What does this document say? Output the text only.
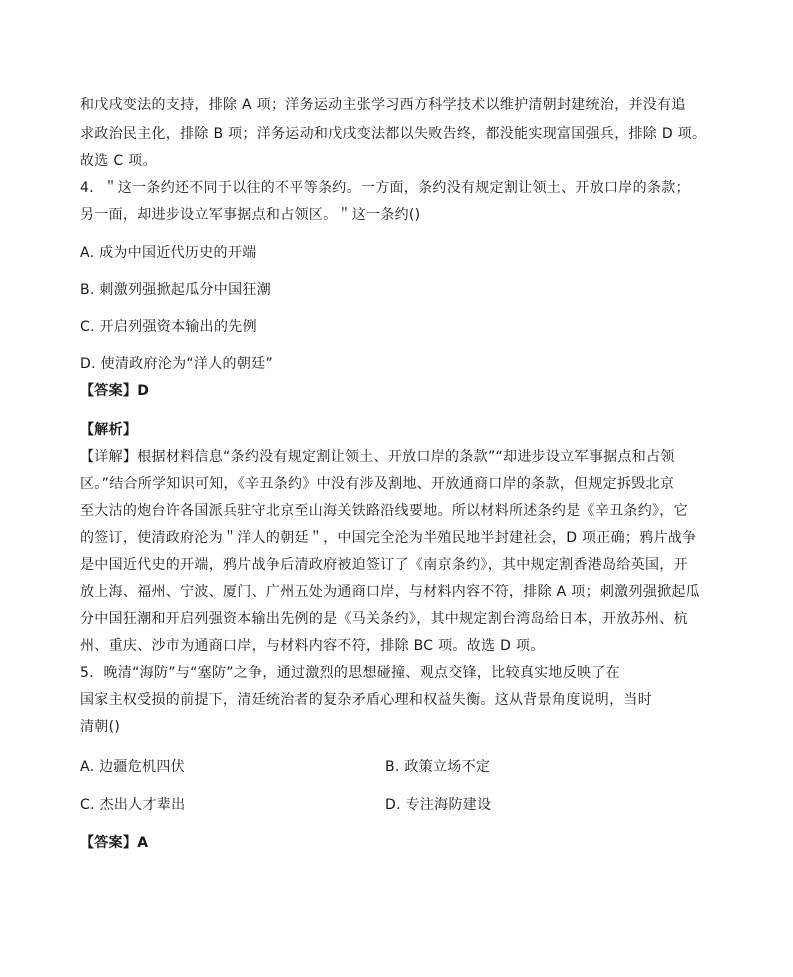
和戊戌变法的支持，排除 A 项；洋务运动主张学习西方科学技术以维护清朝封建统治，并没有追
求政治民主化，排除 B 项；洋务运动和戊戌变法都以失败告终，都没能实现富国强兵，排除 D 项。
故选 C 项。
4．＂这一条约还不同于以往的不平等条约。一方面，条约没有规定割让领土、开放口岸的条款；
另一面，却进步设立军事据点和占领区。＂这一条约()
A. 成为中国近代历史的开端
B. 刺激列强掀起瓜分中国狂潮
C. 开启列强资本输出的先例
D. 使清政府沦为“洋人的朝廷”
【答案】D
【解析】
【详解】根据材料信息“条约没有规定割让领土、开放口岸的条款”“却进步设立军事据点和占领
区。”结合所学知识可知，《辛丑条约》中没有涉及割地、开放通商口岸的条款，但规定拆毁北京
至大沽的炮台许各国派兵驻守北京至山海关铁路沿线要地。所以材料所述条约是《辛丑条约》，它
的签订，使清政府沦为＂洋人的朝廷＂，中国完全沦为半殖民地半封建社会，D 项正确；鸦片战争
是中国近代史的开端，鸦片战争后清政府被迫签订了《南京条约》，其中规定割香港岛给英国，开
放上海、福州、宁波、厦门、广州五处为通商口岸，与材料内容不符，排除 A 项；刺激列强掀起瓜
分中国狂潮和开启列强资本输出先例的是《马关条约》，其中规定割台湾岛给日本，开放苏州、杭
州、重庆、沙市为通商口岸，与材料内容不符，排除 BC 项。故选 D 项。
5．晚清“海防”与“塞防”之争，通过激烈的思想碰撞、观点交锋，比较真实地反映了在
国家主权受损的前提下，清廷统治者的复杂矛盾心理和权益失衡。这从背景角度说明，当时
清朝()
A. 边疆危机四伏	B. 政策立场不定
C. 杰出人才辈出	D. 专注海防建设
【答案】A
